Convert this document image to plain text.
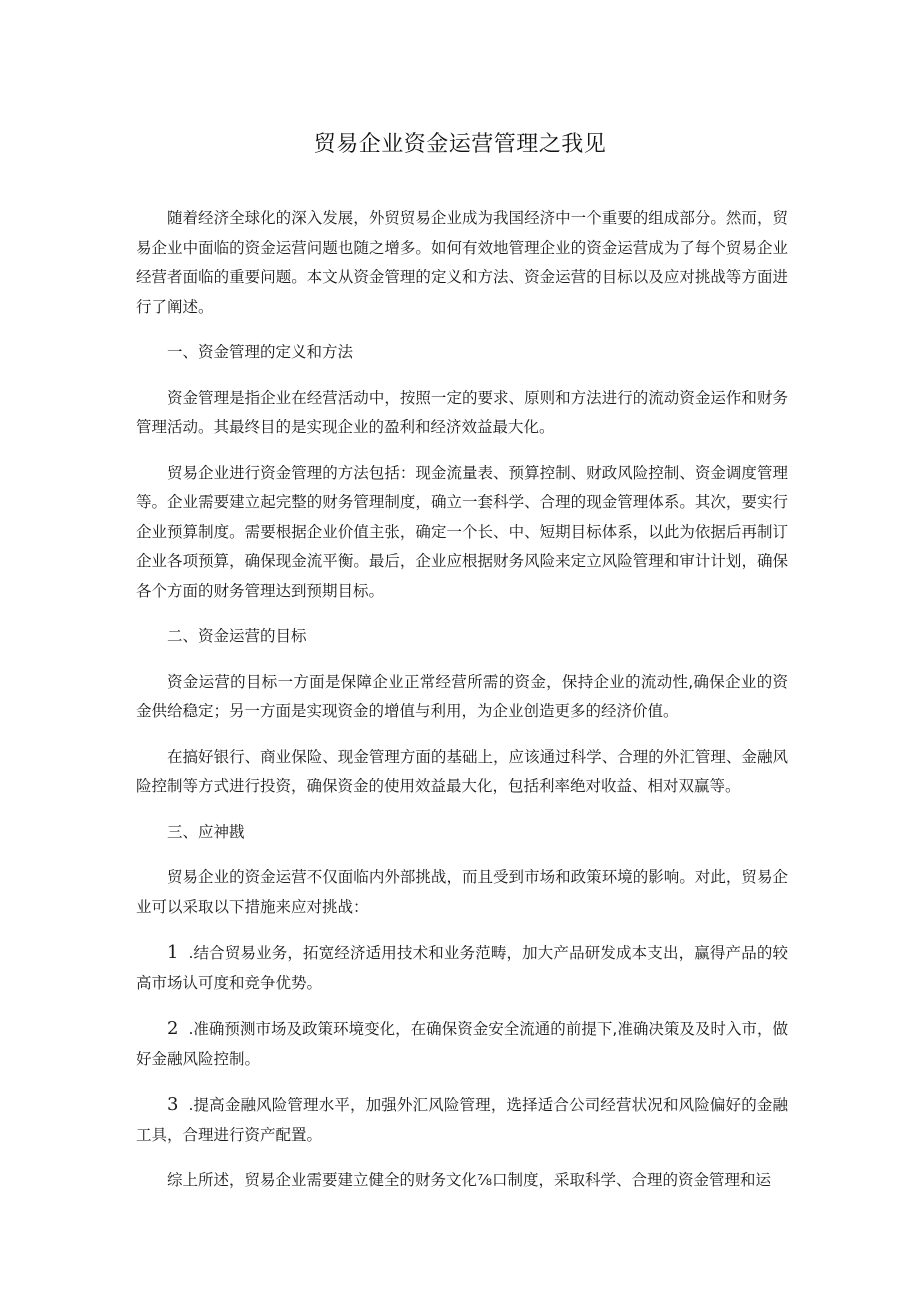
贸易企业资金运营管理之我见

随着经济全球化的深入发展，外贸贸易企业成为我国经济中一个重要的组成部分。然而，贸易企业中面临的资金运营问题也随之增多。如何有效地管理企业的资金运营成为了每个贸易企业经营者面临的重要问题。本文从资金管理的定义和方法、资金运营的目标以及应对挑战等方面进行了阐述。

一、资金管理的定义和方法

资金管理是指企业在经营活动中，按照一定的要求、原则和方法进行的流动资金运作和财务管理活动。其最终目的是实现企业的盈利和经济效益最大化。

贸易企业进行资金管理的方法包括：现金流量表、预算控制、财政风险控制、资金调度管理等。企业需要建立起完整的财务管理制度，确立一套科学、合理的现金管理体系。其次，要实行企业预算制度。需要根据企业价值主张，确定一个长、中、短期目标体系，以此为依据后再制订企业各项预算，确保现金流平衡。最后，企业应根据财务风险来定立风险管理和审计计划，确保各个方面的财务管理达到预期目标。

二、资金运营的目标

资金运营的目标一方面是保障企业正常经营所需的资金，保持企业的流动性,确保企业的资金供给稳定；另一方面是实现资金的增值与利用，为企业创造更多的经济价值。

在搞好银行、商业保险、现金管理方面的基础上，应该通过科学、合理的外汇管理、金融风险控制等方式进行投资，确保资金的使用效益最大化，包括利率绝对收益、相对双赢等。

三、应神戡

贸易企业的资金运营不仅面临内外部挑战，而且受到市场和政策环境的影响。对此，贸易企业可以采取以下措施来应对挑战：

1 .结合贸易业务，拓宽经济适用技术和业务范畴，加大产品研发成本支出，赢得产品的较高市场认可度和竞争优势。

2 .准确预测市场及政策环境变化，在确保资金安全流通的前提下,准确决策及及时入市，做好金融风险控制。

3 .提高金融风险管理水平，加强外汇风险管理，选择适合公司经营状况和风险偏好的金融工具，合理进行资产配置。

综上所述，贸易企业需要建立健全的财务文化⅞口制度，采取科学、合理的资金管理和运
